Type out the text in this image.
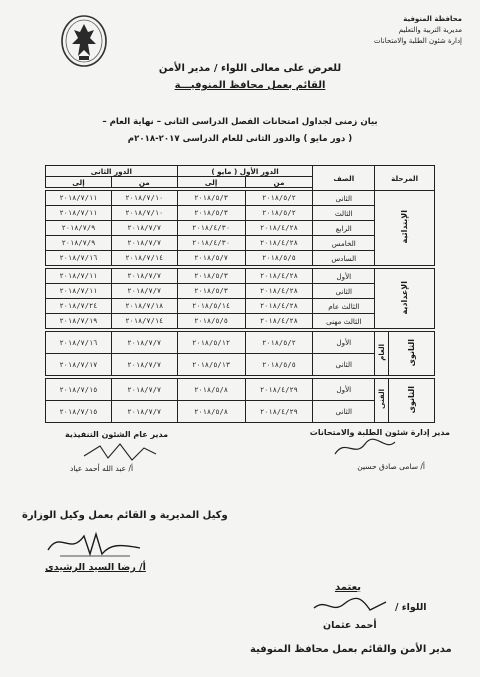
محافظة المنوفية
مديرية التربية والتعليم
إدارة شئون الطلبة والامتحانات
للعرض على معالى اللواء / مدير الأمن
القائم بعمل محافظ المنوفيـــة
بيان زمنى لجداول امتحانات الفصل الدراسى الثانى – نهاية العام –
( دور مايو ) والدور الثانى للعام الدراسى ٢٠١٧-٢٠١٨م
المرحلة		الصف	الدور الأول ( مايو )		الدور الثانى	
			من	إلى	من	إلى

الإبتدائية		الثانى	٢٠١٨/٥/٢	٢٠١٨/٥/٣	٢٠١٨/٧/١٠	٢٠١٨/٧/١١
		الثالث	٢٠١٨/٥/٢	٢٠١٨/٥/٣	٢٠١٨/٧/١٠	٢٠١٨/٧/١١
		الرابع	٢٠١٨/٤/٢٨	٢٠١٨/٤/٣٠	٢٠١٨/٧/٧	٢٠١٨/٧/٩
		الخامس	٢٠١٨/٤/٢٨	٢٠١٨/٤/٣٠	٢٠١٨/٧/٧	٢٠١٨/٧/٩
		السادس	٢٠١٨/٥/٥	٢٠١٨/٥/٧	٢٠١٨/٧/١٤	٢٠١٨/٧/١٦

الإعدادية		الأول	٢٠١٨/٤/٢٨	٢٠١٨/٥/٣	٢٠١٨/٧/٧	٢٠١٨/٧/١١
		الثانى	٢٠١٨/٤/٢٨	٢٠١٨/٥/٣	٢٠١٨/٧/٧	٢٠١٨/٧/١١
		الثالث عام	٢٠١٨/٤/٢٨	٢٠١٨/٥/١٤	٢٠١٨/٧/١٨	٢٠١٨/٧/٢٤
		الثالث مهنى	٢٠١٨/٤/٢٨	٢٠١٨/٥/٥	٢٠١٨/٧/١٤	٢٠١٨/٧/١٩

الثانوى	العام	الأول	٢٠١٨/٥/٢	٢٠١٨/٥/١٢	٢٠١٨/٧/٧	٢٠١٨/٧/١٦
		الثانى	٢٠١٨/٥/٥	٢٠١٨/٥/١٣	٢٠١٨/٧/٧	٢٠١٨/٧/١٧

الثانوى	الفنى	الأول	٢٠١٨/٤/٢٩	٢٠١٨/٥/٨	٢٠١٨/٧/٧	٢٠١٨/٧/١٥
		الثانى	٢٠١٨/٤/٢٩	٢٠١٨/٥/٨	٢٠١٨/٧/٧	٢٠١٨/٧/١٥
مدير إدارة شئون الطلبة والامتحانات
أ/ سامى صادق حسين
مدير عام الشئون التنفيذية
أ/ عبد الله أحمد عياد
وكيل المديرية و القائم بعمل وكيل الوزارة
أ/ رضا السيد الرشيدى
يعتمد
اللواء /
أحمد عثمان
مدير الأمن والقائم بعمل محافظ المنوفية
